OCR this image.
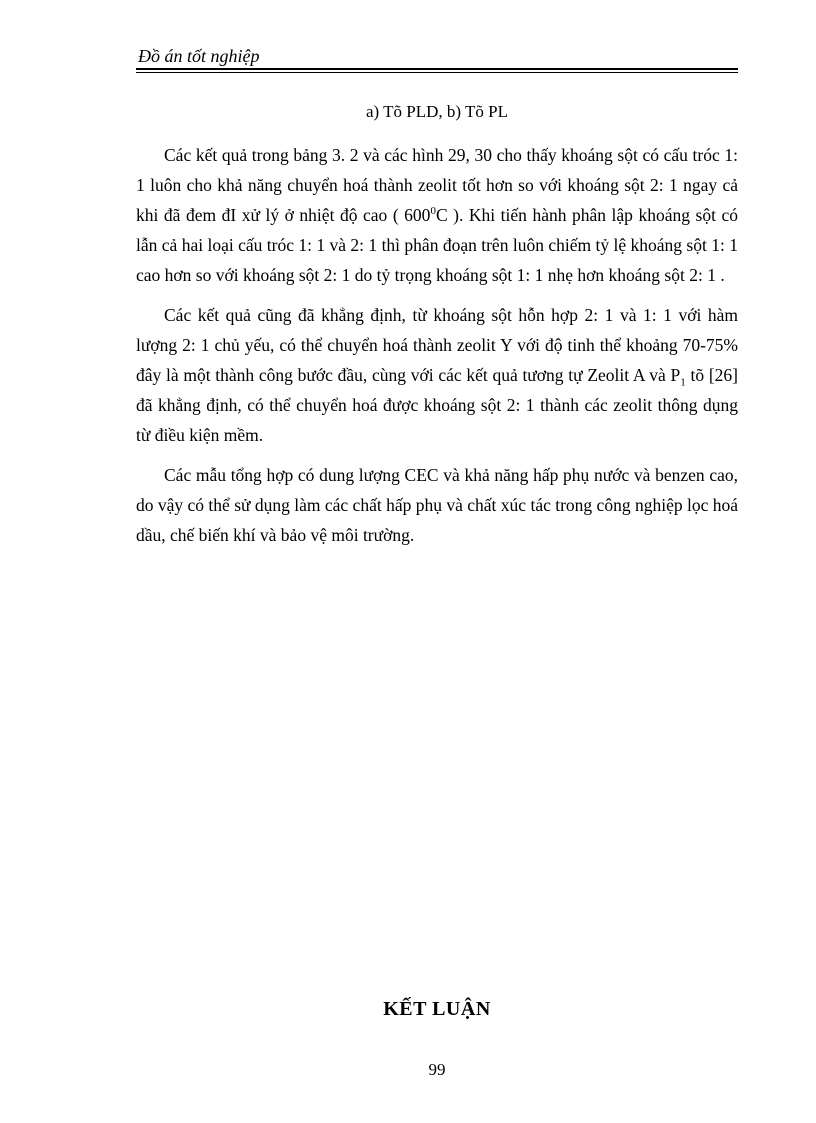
Đồ án tốt nghiệp
a) Tõ PLD, b) Tõ PL

Các kết quả trong bảng 3. 2 và các hình 29, 30 cho thấy khoáng sột có cấu tróc 1: 1 luôn cho khả năng chuyển hoá thành zeolit tốt hơn so với khoáng sột 2: 1 ngay cả khi đã đem đI xử lý ở nhiệt độ cao ( $600^0C$ ). Khi tiến hành phân lập khoáng sột có lẫn cả hai loại cấu tróc 1: 1 và 2: 1 thì phân đoạn trên luôn chiếm tỷ lệ khoáng sột 1: 1 cao hơn so với khoáng sột 2: 1 do tỷ trọng khoáng sột 1: 1 nhẹ hơn khoáng sột 2: 1 .

Các kết quả cũng đã khẳng định, từ khoáng sột hỗn hợp 2: 1 và 1: 1 với hàm lượng 2: 1 chủ yếu, có thể chuyển hoá thành zeolit Y với độ tinh thể khoảng 70-75% đây là một thành công bước đầu, cùng với các kết quả tương tự Zeolit A và $P_1$ tõ [26] đã khẳng định, có thể chuyển hoá được khoáng sột 2: 1 thành các zeolit thông dụng từ điều kiện mềm.

Các mẫu tổng hợp có dung lượng CEC và khả năng hấp phụ nước và benzen cao, do vậy có thể sử dụng làm các chất hấp phụ và chất xúc tác trong công nghiệp lọc hoá dầu, chế biến khí và bảo vệ môi trường.

KẾT LUẬN
99
